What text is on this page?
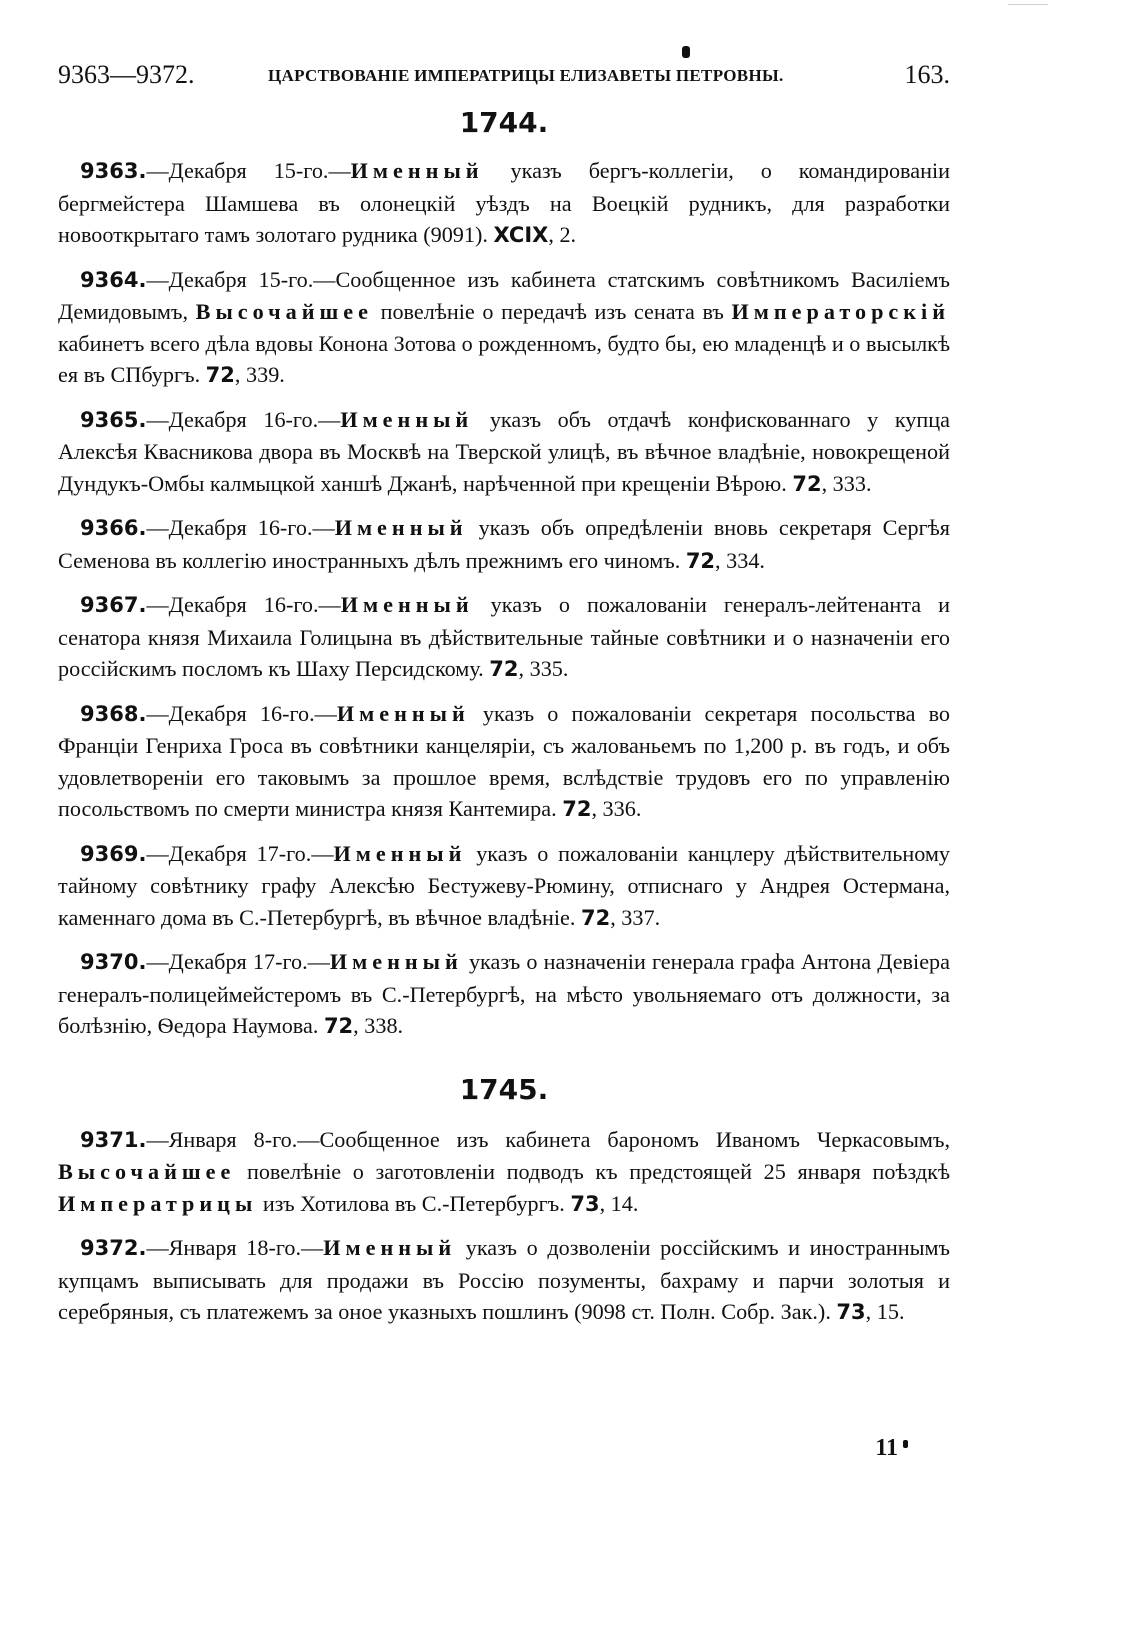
9363—9372.	ЦАРСТВОВАНІЕ ИМПЕРАТРИЦЫ ЕЛИЗАВЕТЫ ПЕТРОВНЫ.	163.
1744.

9363.—Декабря 15-го.—Именный указъ бергъ-коллегіи, о командированіи бергмейстера Шамшева въ олонецкій уѣздъ на Воецкій рудникъ, для разработки новооткрытаго тамъ золотаго рудника (9091). XCIX, 2.

9364.—Декабря 15-го.—Сообщенное изъ кабинета статскимъ совѣтникомъ Василіемъ Демидовымъ, Высочайшее повелѣніе о передачѣ изъ сената въ Императорскій кабинетъ всего дѣла вдовы Конона Зотова о рожденномъ, будто бы, ею младенцѣ и о высылкѣ ея въ СПбургъ. 72, 339.

9365.—Декабря 16-го.—Именный указъ объ отдачѣ конфискованнаго у купца Алексѣя Квасникова двора въ Москвѣ на Тверской улицѣ, въ вѣчное владѣніе, новокрещеной Дундукъ-Омбы калмыцкой ханшѣ Джанѣ, нарѣченной при крещеніи Вѣрою. 72, 333.

9366.—Декабря 16-го.—Именный указъ объ опредѣленіи вновь секретаря Сергѣя Семенова въ коллегію иностранныхъ дѣлъ прежнимъ его чиномъ. 72, 334.

9367.—Декабря 16-го.—Именный указъ о пожалованіи генералъ-лейтенанта и сенатора князя Михаила Голицына въ дѣйствительные тайные совѣтники и о назначеніи его россійскимъ посломъ къ Шаху Персидскому. 72, 335.

9368.—Декабря 16-го.—Именный указъ о пожалованіи секретаря посольства во Франціи Генриха Гроса въ совѣтники канцеляріи, съ жалованьемъ по 1,200 р. въ годъ, и объ удовлетвореніи его таковымъ за прошлое время, вслѣдствіе трудовъ его по управленію посольствомъ по смерти министра князя Кантемира. 72, 336.

9369.—Декабря 17-го.—Именный указъ о пожалованіи канцлеру дѣйствительному тайному совѣтнику графу Алексѣю Бестужеву-Рюмину, отписнаго у Андрея Остермана, каменнаго дома въ С.-Петербургѣ, въ вѣчное владѣніе. 72, 337.

9370.—Декабря 17-го.—Именный указъ о назначеніи генерала графа Антона Девіера генералъ-полицеймейстеромъ въ С.-Петербургѣ, на мѣсто увольняемаго отъ должности, за болѣзнію, Ѳедора Наумова. 72, 338.

1745.

9371.—Января 8-го.—Сообщенное изъ кабинета барономъ Иваномъ Черкасовымъ, Высочайшее повелѣніе о заготовленіи подводъ къ предстоящей 25 января поѣздкѣ Императрицы изъ Хотилова въ С.-Петербургъ. 73, 14.

9372.—Января 18-го.—Именный указъ о дозволеніи россійскимъ и иностраннымъ купцамъ выписывать для продажи въ Россію позументы, бахраму и парчи золотыя и серебряныя, съ платежемъ за оное указныхъ пошлинъ (9098 ст. Полн. Собр. Зак.). 73, 15.

11
